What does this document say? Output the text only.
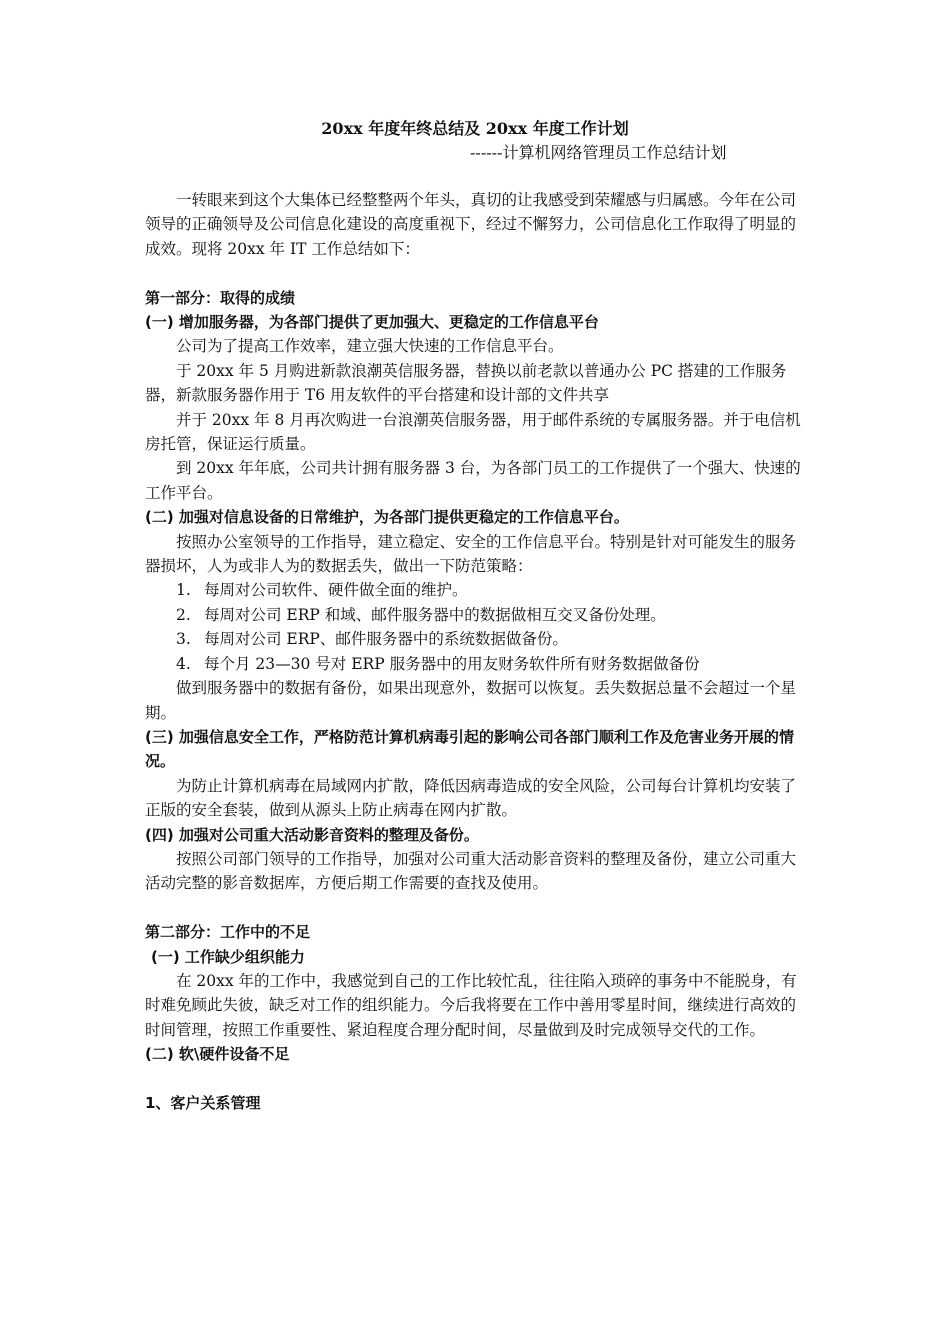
20xx 年度年终总结及 20xx 年度工作计划
------计算机网络管理员工作总结计划

一转眼来到这个大集体已经整整两个年头，真切的让我感受到荣耀感与归属感。今年在公司领导的正确领导及公司信息化建设的高度重视下，经过不懈努力，公司信息化工作取得了明显的成效。现将 20xx 年 IT 工作总结如下：

第一部分：取得的成绩

(一) 增加服务器，为各部门提供了更加强大、更稳定的工作信息平台

公司为了提高工作效率，建立强大快速的工作信息平台。

于 20xx 年 5 月购进新款浪潮英信服务器，替换以前老款以普通办公 PC 搭建的工作服务器，新款服务器作用于 T6 用友软件的平台搭建和设计部的文件共享

并于 20xx 年 8 月再次购进一台浪潮英信服务器，用于邮件系统的专属服务器。并于电信机房托管，保证运行质量。

到 20xx 年年底，公司共计拥有服务器 3 台，为各部门员工的工作提供了一个强大、快速的工作平台。

(二) 加强对信息设备的日常维护，为各部门提供更稳定的工作信息平台。

按照办公室领导的工作指导，建立稳定、安全的工作信息平台。特别是针对可能发生的服务器损坏，人为或非人为的数据丢失，做出一下防范策略：

1. 每周对公司软件、硬件做全面的维护。

2. 每周对公司 ERP 和域、邮件服务器中的数据做相互交叉备份处理。

3. 每周对公司 ERP、邮件服务器中的系统数据做备份。

4. 每个月 23—30 号对 ERP 服务器中的用友财务软件所有财务数据做备份

做到服务器中的数据有备份，如果出现意外，数据可以恢复。丢失数据总量不会超过一个星期。

(三) 加强信息安全工作，严格防范计算机病毒引起的影响公司各部门顺利工作及危害业务开展的情况。

为防止计算机病毒在局域网内扩散，降低因病毒造成的安全风险，公司每台计算机均安装了正版的安全套装，做到从源头上防止病毒在网内扩散。

(四) 加强对公司重大活动影音资料的整理及备份。

按照公司部门领导的工作指导，加强对公司重大活动影音资料的整理及备份，建立公司重大活动完整的影音数据库，方便后期工作需要的查找及使用。

第二部分：工作中的不足

(一) 工作缺少组织能力

在 20xx 年的工作中，我感觉到自己的工作比较忙乱，往往陷入琐碎的事务中不能脱身，有时难免顾此失彼，缺乏对工作的组织能力。今后我将要在工作中善用零星时间，继续进行高效的时间管理，按照工作重要性、紧迫程度合理分配时间，尽量做到及时完成领导交代的工作。

(二) 软\硬件设备不足

1、客户关系管理
